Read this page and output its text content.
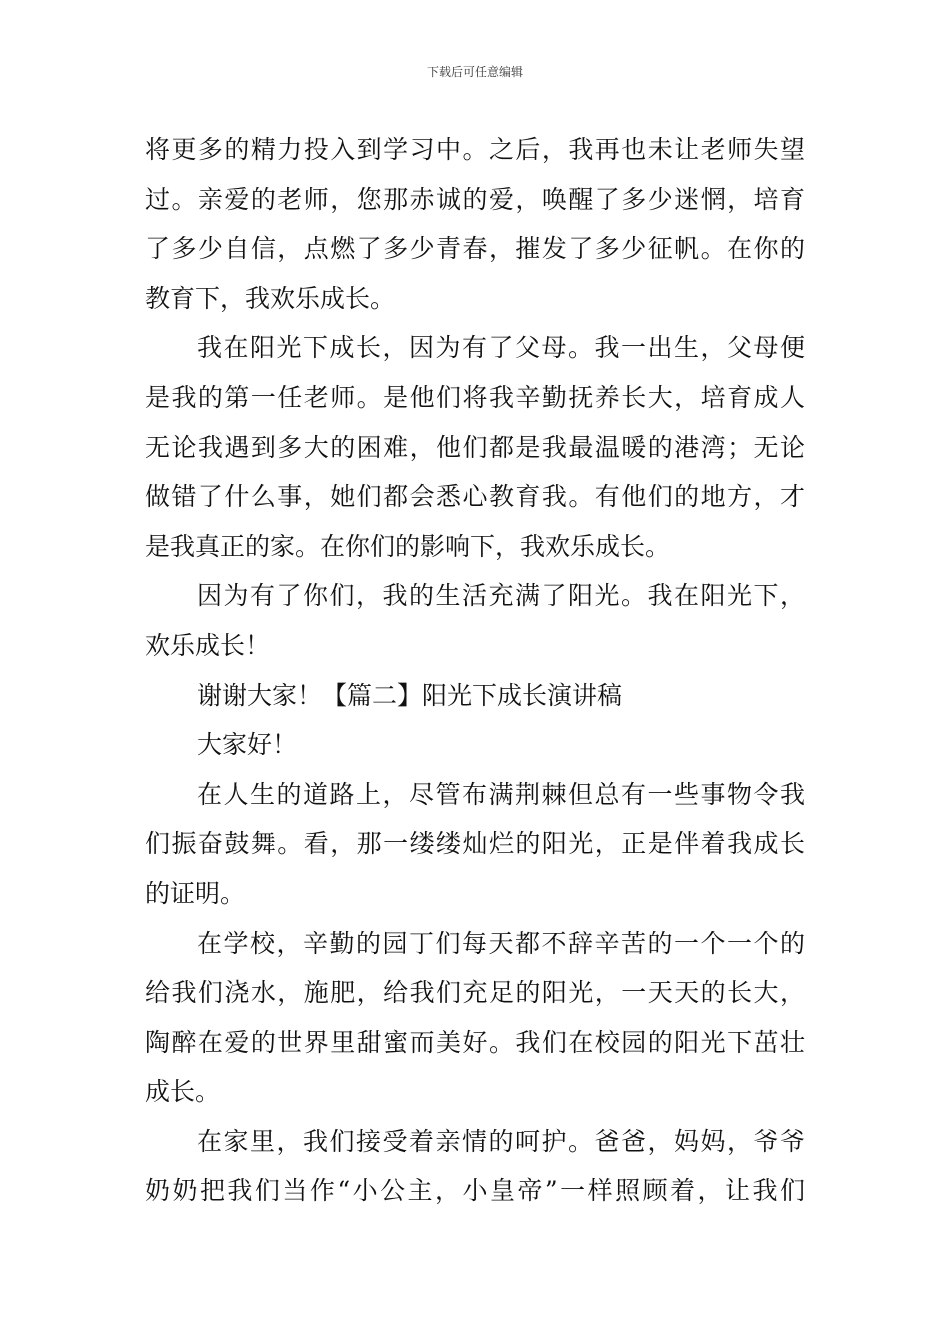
下载后可任意编辑
将更多的精力投入到学习中。之后，我再也未让老师失望
过。亲爱的老师，您那赤诚的爱，唤醒了多少迷惘，培育
了多少自信，点燃了多少青春，摧发了多少征帆。在你的
教育下，我欢乐成长。
我在阳光下成长，因为有了父母。我一出生，父母便
是我的第一任老师。是他们将我辛勤抚养长大，培育成人
无论我遇到多大的困难，他们都是我最温暖的港湾；无论
做错了什么事，她们都会悉心教育我。有他们的地方，才
是我真正的家。在你们的影响下，我欢乐成长。
因为有了你们，我的生活充满了阳光。我在阳光下，
欢乐成长！
谢谢大家！【篇二】阳光下成长演讲稿
大家好！
在人生的道路上，尽管布满荆棘但总有一些事物令我
们振奋鼓舞。看，那一缕缕灿烂的阳光，正是伴着我成长
的证明。
在学校，辛勤的园丁们每天都不辞辛苦的一个一个的
给我们浇水，施肥，给我们充足的阳光，一天天的长大，
陶醉在爱的世界里甜蜜而美好。我们在校园的阳光下茁壮
成长。
在家里，我们接受着亲情的呵护。爸爸，妈妈，爷爷
奶奶把我们当作“小公主，小皇帝”一样照顾着，让我们
